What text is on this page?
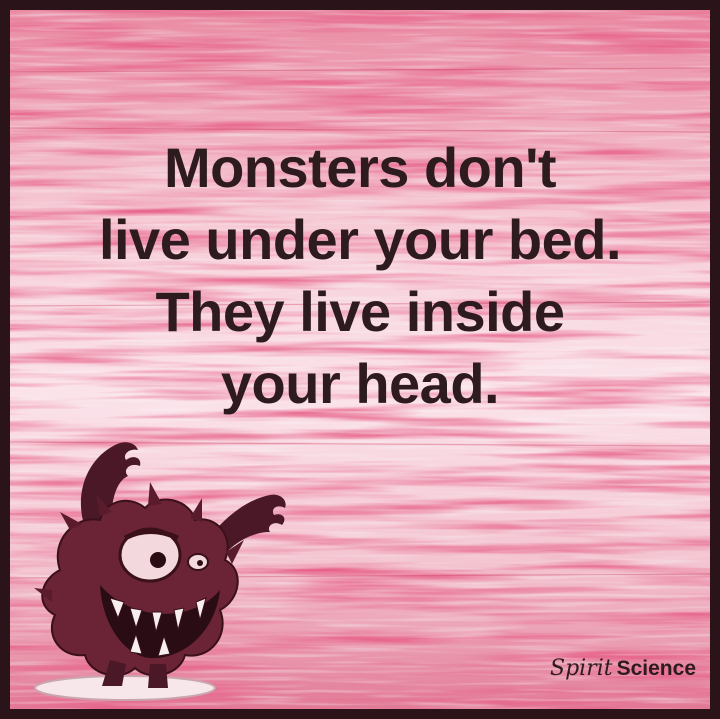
Monsters don't
live under your bed.
They live inside
your head.
Spirit Science
